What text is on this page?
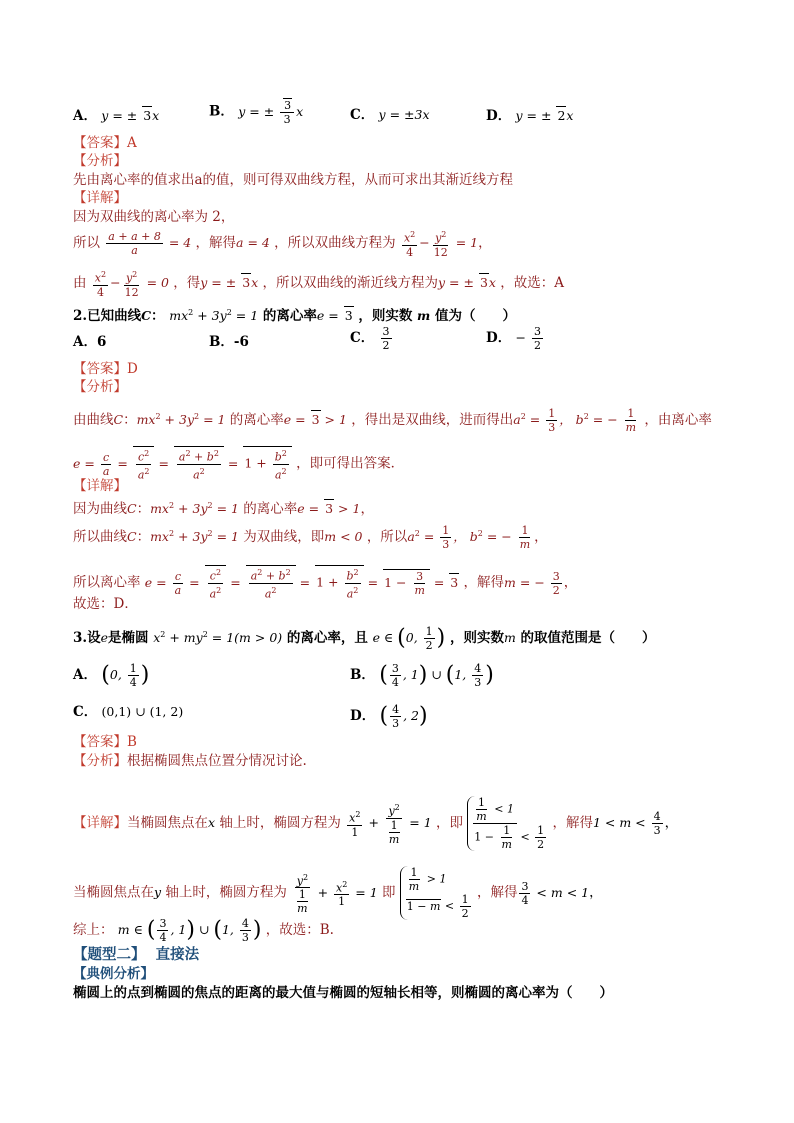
A． y = ± 3x	B． y = ± $\frac{3}{3}$ x	C． y = ±3x	D． y = ± 2x
【答案】A
【分析】
先由离心率的值求出a的值，则可得双曲线方程，从而可求出其渐近线方程
【详解】
因为双曲线的离心率为 2，
所以 $\frac{a + a + 8}{a} = 4$ ，解得a = 4 ，所以双曲线方程为 $\frac{x^2}{4} - \frac{y^2}{12} = 1$，
由 $\frac{x^2}{4} - \frac{y^2}{12} = 0$ ，得y = ± 3x ，所以双曲线的渐近线方程为y = ± 3x ，故选：A
2.已知曲线C： $mx^2 + 3y^2 = 1$ 的离心率e = 3 ，则实数 m 值为（　　）
A．6	B．-6	C． $\frac{3}{2}$	D． − $\frac{3}{2}$
【答案】D
【分析】
由曲线C：$mx^2 + 3y^2 = 1$ 的离心率e = 3 > 1 ，得出是双曲线，进而得出$a^2 = \frac{1}{3}$ ， $b^2$ = − $\frac{1}{m}$ ，由离心率
$e = \frac{c}{a} = \frac{c^2}{a^2} = \frac{a^2 + b^2}{a^2} = 1 + \frac{b^2}{a^2}$ ，即可得出答案．
【详解】
因为曲线C：$mx^2 + 3y^2 = 1$ 的离心率e = 3 > 1，
所以曲线C：$mx^2 + 3y^2 = 1$ 为双曲线，即m < 0 ，所以$a^2 = \frac{1}{3}$ ， $b^2$ = − $\frac{1}{m}$ ，
所以离心率 $e = \frac{c}{a} = \frac{c^2}{a^2} = \frac{a^2 + b^2}{a^2} = 1 + \frac{b^2}{a^2} = 1 - \frac{3}{m} = 3$ ，解得m = − $\frac{3}{2}$ ，
故选：D．
3.设e是椭圆 $x^2 + my^2 = 1(m > 0)$ 的离心率，且 e ∈ (0, $\frac{1}{2}$ ) ，则实数m 的取值范围是（　　）
A． (0, $\frac{1}{4}$ )	B． ( $\frac{3}{4}$ , 1) ∪ (1, $\frac{4}{3}$ )
C． (0,1) ∪ (1, 2)	D． ( $\frac{4}{3}$ , 2)
【答案】B
【分析】根据椭圆焦点位置分情况讨论.
【详解】当椭圆焦点在x 轴上时，椭圆方程为 $\frac{x^2}{1} + \frac{y^2}{\frac{1}{m}} = 1$ ，即 $\frac{1}{m} < 1$
$1 - \frac{1}{m} < \frac{1}{2}$
，解得$1 < m < \frac{4}{3}$ ，
当椭圆焦点在y 轴上时，椭圆方程为 $\frac{y^2}{\frac{1}{m}} + \frac{x^2}{1} = 1$ 即 $\frac{1}{m} > 1$
$1 - m < \frac{1}{2}$
，解得 $\frac{3}{4} < m < 1$，
综上： m ∈ ( $\frac{3}{4}$ , 1) ∪ (1, $\frac{4}{3}$ ) ，故选：B.
【题型二】 直接法
【典例分析】
椭圆上的点到椭圆的焦点的距离的最大值与椭圆的短轴长相等，则椭圆的离心率为（　　）
